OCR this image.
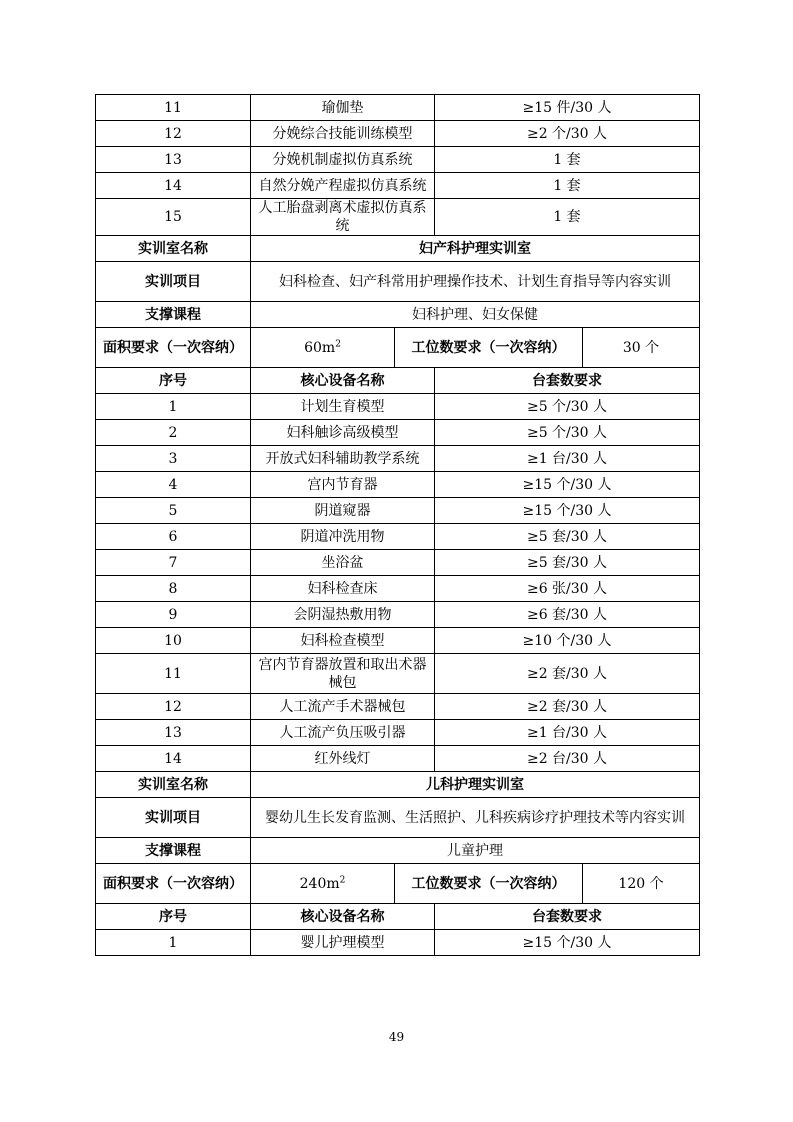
11	瑜伽垫		≥15 件/30 人	
12	分娩综合技能训练模型		≥2 个/30 人	
13	分娩机制虚拟仿真系统		1 套	
14	自然分娩产程虚拟仿真系统		1 套	
15	人工胎盘剥离术虚拟仿真系统		1 套	
实训室名称	妇产科护理实训室			
实训项目	妇科检查、妇产科常用护理操作技术、计划生育指导等内容实训			
支撑课程	妇科护理、妇女保健			
面积要求（一次容纳）	$60m^2$	工位数要求（一次容纳）		30 个
序号	核心设备名称		台套数要求	
1	计划生育模型		≥5 个/30 人	
2	妇科触诊高级模型		≥5 个/30 人	
3	开放式妇科辅助教学系统		≥1 台/30 人	
4	宫内节育器		≥15 个/30 人	
5	阴道窥器		≥15 个/30 人	
6	阴道冲洗用物		≥5 套/30 人	
7	坐浴盆		≥5 套/30 人	
8	妇科检查床		≥6 张/30 人	
9	会阴湿热敷用物		≥6 套/30 人	
10	妇科检查模型		≥10 个/30 人	
11	宫内节育器放置和取出术器械包		≥2 套/30 人	
12	人工流产手术器械包		≥2 套/30 人	
13	人工流产负压吸引器		≥1 台/30 人	
14	红外线灯		≥2 台/30 人	
实训室名称	儿科护理实训室			
实训项目	婴幼儿生长发育监测、生活照护、儿科疾病诊疗护理技术等内容实训			
支撑课程	儿童护理			
面积要求（一次容纳）	$240m^2$	工位数要求（一次容纳）		120 个
序号	核心设备名称		台套数要求	
1	婴儿护理模型		≥15 个/30 人	
49
